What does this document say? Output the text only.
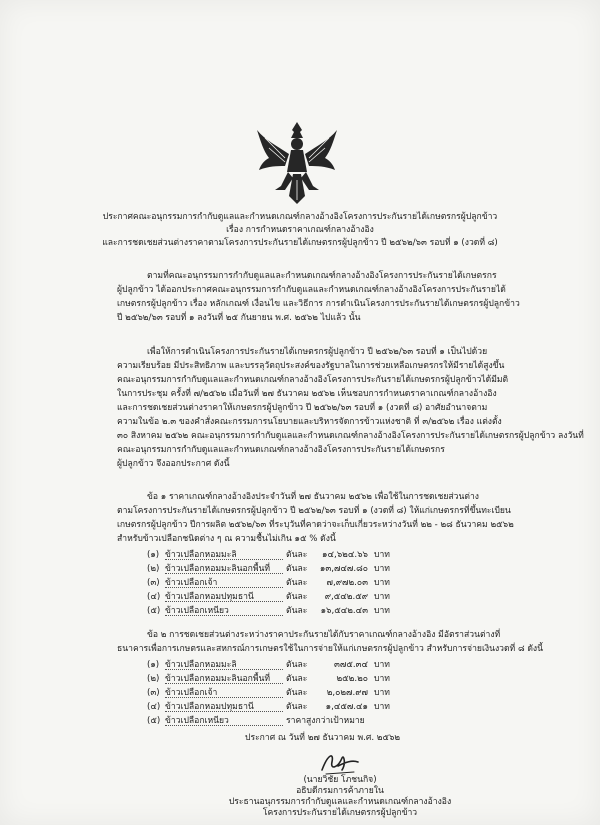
ประกาศคณะอนุกรรมการกำกับดูแลและกำหนดเกณฑ์กลางอ้างอิงโครงการประกันรายได้เกษตรกรผู้ปลูกข้าว
เรื่อง การกำหนดราคาเกณฑ์กลางอ้างอิง
และการชดเชยส่วนต่างราคาตามโครงการประกันรายได้เกษตรกรผู้ปลูกข้าว ปี ๒๕๖๒/๖๓ รอบที่ ๑ (งวดที่ ๘)
ตามที่คณะอนุกรรมการกำกับดูแลและกำหนดเกณฑ์กลางอ้างอิงโครงการประกันรายได้เกษตรกร
ผู้ปลูกข้าว ได้ออกประกาศคณะอนุกรรมการกำกับดูแลและกำหนดเกณฑ์กลางอ้างอิงโครงการประกันรายได้
เกษตรกรผู้ปลูกข้าว เรื่อง หลักเกณฑ์ เงื่อนไข และวิธีการ การดำเนินโครงการประกันรายได้เกษตรกรผู้ปลูกข้าว
ปี ๒๕๖๒/๖๓ รอบที่ ๑ ลงวันที่ ๒๕ กันยายน พ.ศ. ๒๕๖๒ ไปแล้ว นั้น
เพื่อให้การดำเนินโครงการประกันรายได้เกษตรกรผู้ปลูกข้าว ปี ๒๕๖๒/๖๓ รอบที่ ๑ เป็นไปด้วย
ความเรียบร้อย มีประสิทธิภาพ และบรรลุวัตถุประสงค์ของรัฐบาลในการช่วยเหลือเกษตรกรให้มีรายได้สูงขึ้น
คณะอนุกรรมการกำกับดูแลและกำหนดเกณฑ์กลางอ้างอิงโครงการประกันรายได้เกษตรกรผู้ปลูกข้าวได้มีมติ
ในการประชุม ครั้งที่ ๗/๒๕๖๒ เมื่อวันที่ ๒๗ ธันวาคม ๒๕๖๒ เห็นชอบการกำหนดราคาเกณฑ์กลางอ้างอิง
และการชดเชยส่วนต่างราคาให้เกษตรกรผู้ปลูกข้าว ปี ๒๕๖๒/๖๓ รอบที่ ๑ (งวดที่ ๘) อาศัยอำนาจตาม
ความในข้อ ๒.๓ ของคำสั่งคณะกรรมการนโยบายและบริหารจัดการข้าวแห่งชาติ ที่ ๓/๒๕๖๒ เรื่อง แต่งตั้ง
๓๐ สิงหาคม ๒๕๖๒ คณะอนุกรรมการกำกับดูแลและกำหนดเกณฑ์กลางอ้างอิงโครงการประกันรายได้เกษตรกรผู้ปลูกข้าว ลงวันที่
คณะอนุกรรมการกำกับดูแลและกำหนดเกณฑ์กลางอ้างอิงโครงการประกันรายได้เกษตรกร
ผู้ปลูกข้าว จึงออกประกาศ ดังนี้
ข้อ ๑ ราคาเกณฑ์กลางอ้างอิงประจำวันที่ ๒๗ ธันวาคม ๒๕๖๒ เพื่อใช้ในการชดเชยส่วนต่าง
ตามโครงการประกันรายได้เกษตรกรผู้ปลูกข้าว ปี ๒๕๖๒/๖๓ รอบที่ ๑ (งวดที่ ๘) ให้แก่เกษตรกรที่ขึ้นทะเบียน
เกษตรกรผู้ปลูกข้าว ปีการผลิต ๒๕๖๒/๖๓ ที่ระบุวันที่คาดว่าจะเก็บเกี่ยวระหว่างวันที่ ๒๒ - ๒๘ ธันวาคม ๒๕๖๒
สำหรับข้าวเปลือกชนิดต่าง ๆ ณ ความชื้นไม่เกิน ๑๕ % ดังนี้
(๑) ข้าวเปลือกหอมมะลิ	ตันละ	๑๔,๖๒๔.๖๖ บาท
(๒) ข้าวเปลือกหอมมะลินอกพื้นที่ ตันละ	๑๓,๗๔๗.๘๐ บาท
(๓) ข้าวเปลือกเจ้า	ตันละ	๗,๙๗๒.๐๓ บาท
(๔) ข้าวเปลือกหอมปทุมธานี	ตันละ	๙,๕๔๒.๕๙ บาท
(๕) ข้าวเปลือกเหนียว	ตันละ	๑๖,๕๔๒.๔๓ บาท
ข้อ ๒ การชดเชยส่วนต่างระหว่างราคาประกันรายได้กับราคาเกณฑ์กลางอ้างอิง มีอัตราส่วนต่างที่
ธนาคารเพื่อการเกษตรและสหกรณ์การเกษตรใช้ในการจ่ายให้แก่เกษตรกรผู้ปลูกข้าว สำหรับการจ่ายเงินงวดที่ ๘ ดังนี้
(๑) ข้าวเปลือกหอมมะลิ	ตันละ	๓๗๕.๓๔ บาท
(๒) ข้าวเปลือกหอมมะลินอกพื้นที่ ตันละ	๒๕๒.๒๐ บาท
(๓) ข้าวเปลือกเจ้า	ตันละ	๒,๐๒๗.๙๗ บาท
(๔) ข้าวเปลือกหอมปทุมธานี	ตันละ	๑,๔๕๗.๔๑ บาท
(๕) ข้าวเปลือกเหนียว	ราคาสูงกว่าเป้าหมาย
ประกาศ ณ วันที่ ๒๗ ธันวาคม พ.ศ. ๒๕๖๒
(นายวิชัย โภชนกิจ)
อธิบดีกรมการค้าภายใน
ประธานอนุกรรมการกำกับดูแลและกำหนดเกณฑ์กลางอ้างอิง
โครงการประกันรายได้เกษตรกรผู้ปลูกข้าว
